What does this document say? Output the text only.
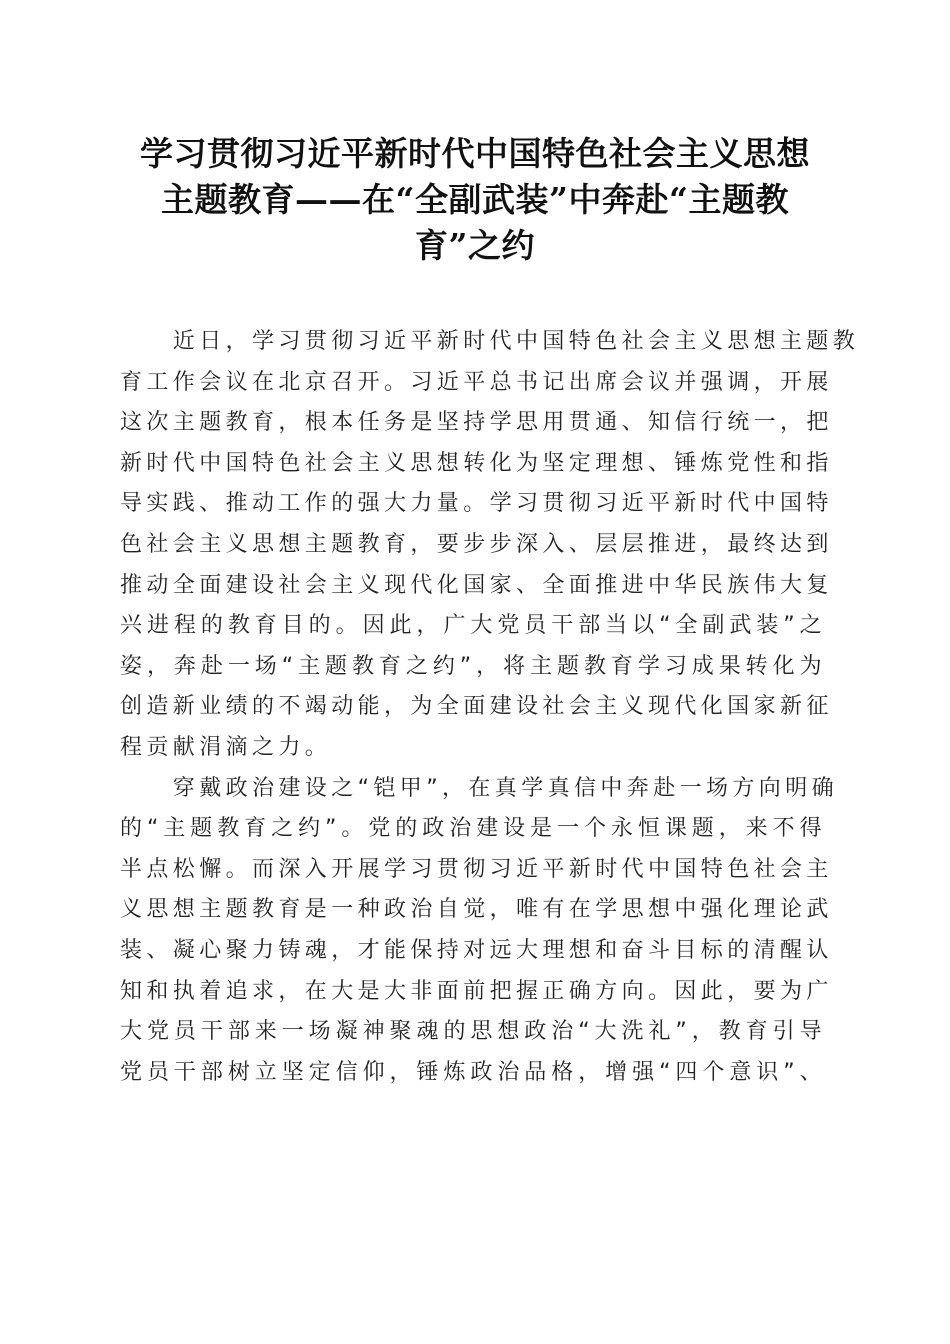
学习贯彻习近平新时代中国特色社会主义思想
主题教育——在“全副武装”中奔赴“主题教
育”之约

　　近日，学习贯彻习近平新时代中国特色社会主义思想主题教
育工作会议在北京召开。习近平总书记出席会议并强调，开展
这次主题教育，根本任务是坚持学思用贯通、知信行统一，把
新时代中国特色社会主义思想转化为坚定理想、锤炼党性和指
导实践、推动工作的强大力量。学习贯彻习近平新时代中国特
色社会主义思想主题教育，要步步深入、层层推进，最终达到
推动全面建设社会主义现代化国家、全面推进中华民族伟大复
兴进程的教育目的。因此，广大党员干部当以“全副武装”之
姿，奔赴一场“主题教育之约”，将主题教育学习成果转化为
创造新业绩的不竭动能，为全面建设社会主义现代化国家新征
程贡献涓滴之力。

　　穿戴政治建设之“铠甲”，在真学真信中奔赴一场方向明确
的“主题教育之约”。党的政治建设是一个永恒课题，来不得
半点松懈。而深入开展学习贯彻习近平新时代中国特色社会主
义思想主题教育是一种政治自觉，唯有在学思想中强化理论武
装、凝心聚力铸魂，才能保持对远大理想和奋斗目标的清醒认
知和执着追求，在大是大非面前把握正确方向。因此，要为广
大党员干部来一场凝神聚魂的思想政治“大洗礼”，教育引导
党员干部树立坚定信仰，锤炼政治品格，增强“四个意识”、
